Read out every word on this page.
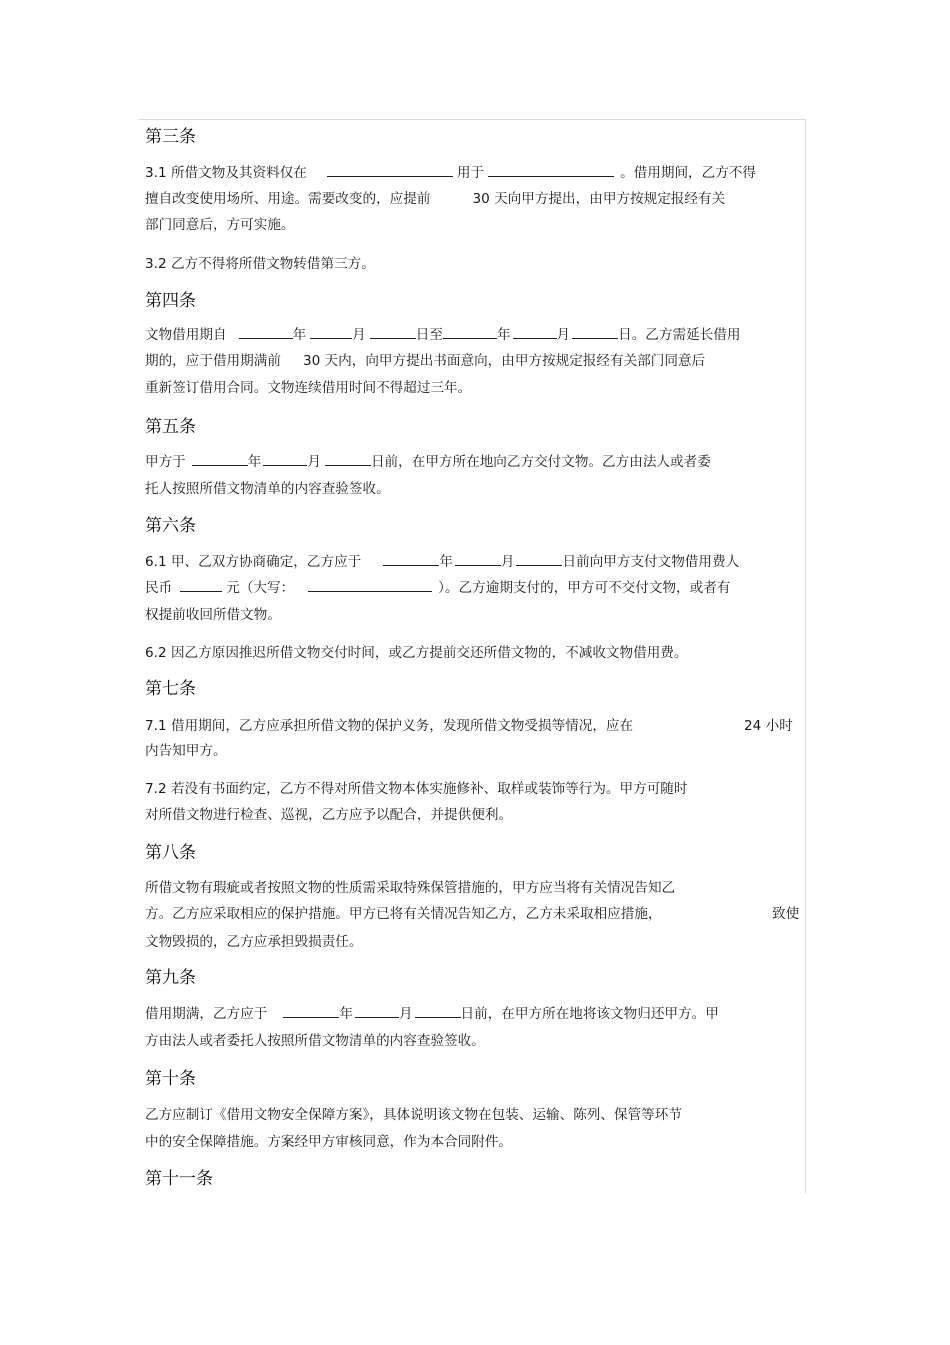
第三条
3.1 所借文物及其资料仅在	用于	。借用期间，乙方不得
擅自改变使用场所、用途。需要改变的，应提前	30 天向甲方提出，由甲方按规定报经有关
部门同意后，方可实施。
3.2 乙方不得将所借文物转借第三方。
第四条
文物借用期自	年	月	日至	年	月	日。乙方需延长借用
期的，应于借用期满前 30 天内，向甲方提出书面意向，由甲方按规定报经有关部门同意后
重新签订借用合同。文物连续借用时间不得超过三年。
第五条
甲方于	年	月	日前，在甲方所在地向乙方交付文物。乙方由法人或者委
托人按照所借文物清单的内容查验签收。
第六条
6.1 甲、乙双方协商确定，乙方应于	年	月	日前向甲方支付文物借用费人
民币	元（大写：	）。乙方逾期支付的，甲方可不交付文物，或者有
权提前收回所借文物。
6.2 因乙方原因推迟所借文物交付时间，或乙方提前交还所借文物的，不减收文物借用费。
第七条
7.1 借用期间，乙方应承担所借文物的保护义务，发现所借文物受损等情况，应在	24 小时
内告知甲方。
7.2 若没有书面约定，乙方不得对所借文物本体实施修补、取样或装饰等行为。甲方可随时
对所借文物进行检查、巡视，乙方应予以配合，并提供便利。
第八条
所借文物有瑕疵或者按照文物的性质需采取特殊保管措施的，甲方应当将有关情况告知乙
方。乙方应采取相应的保护措施。甲方已将有关情况告知乙方，乙方未采取相应措施，	致使
文物毁损的，乙方应承担毁损责任。
第九条
借用期满，乙方应于	年	月	日前，在甲方所在地将该文物归还甲方。甲
方由法人或者委托人按照所借文物清单的内容查验签收。
第十条
乙方应制订《借用文物安全保障方案》，具体说明该文物在包装、运输、陈列、保管等环节
中的安全保障措施。方案经甲方审核同意，作为本合同附件。
第十一条
